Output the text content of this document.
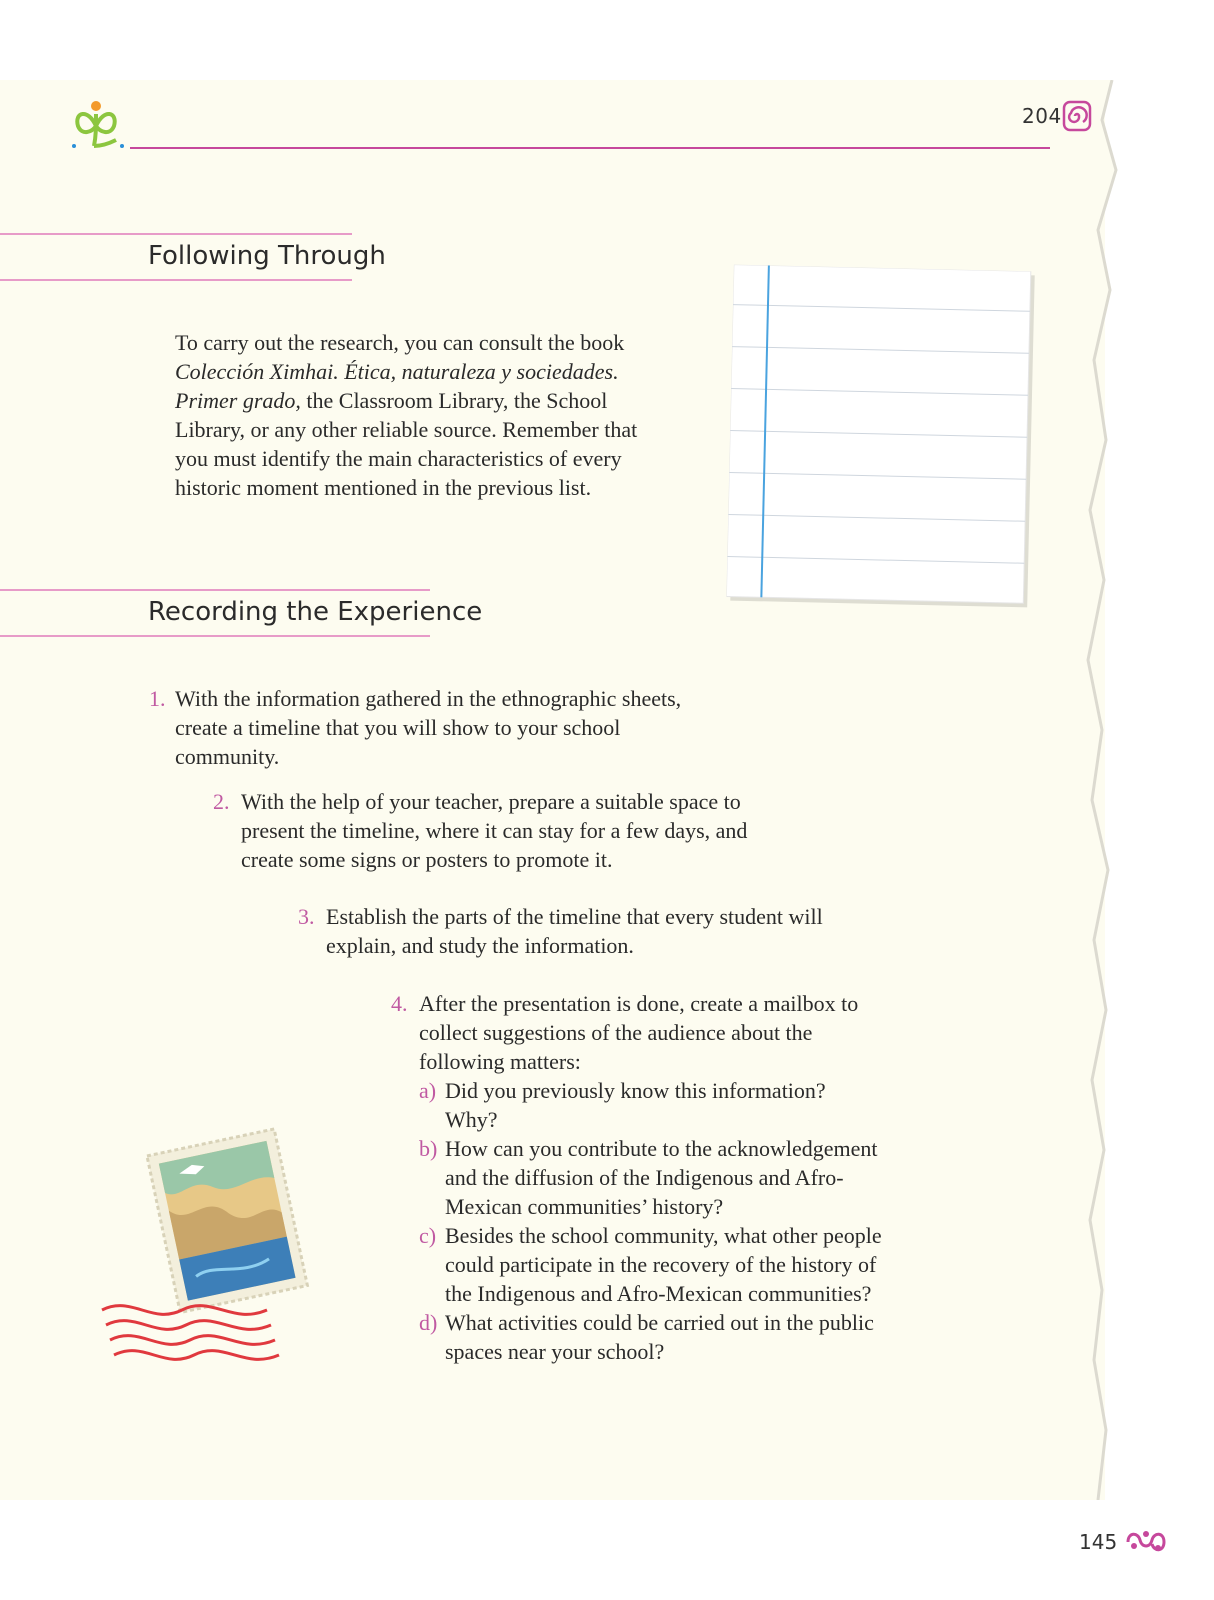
204
Following Through
To carry out the research, you can consult the book Colección Ximhai. Ética, naturaleza y sociedades. Primer grado, the Classroom Library, the School Library, or any other reliable source. Remember that you must identify the main characteristics of every historic moment mentioned in the previous list.
Recording the Experience
1. With the information gathered in the ethnographic sheets, create a timeline that you will show to your school community.
2. With the help of your teacher, prepare a suitable space to present the timeline, where it can stay for a few days, and create some signs or posters to promote it.
3. Establish the parts of the timeline that every student will explain, and study the information.
4. After the presentation is done, create a mailbox to collect suggestions of the audience about the following matters:
a) Did you previously know this information? Why?
b) How can you contribute to the acknowledgement and the diffusion of the Indigenous and Afro-Mexican communities’ history?
c) Besides the school community, what other people could participate in the recovery of the history of the Indigenous and Afro-Mexican communities?
d) What activities could be carried out in the public spaces near your school?
145
